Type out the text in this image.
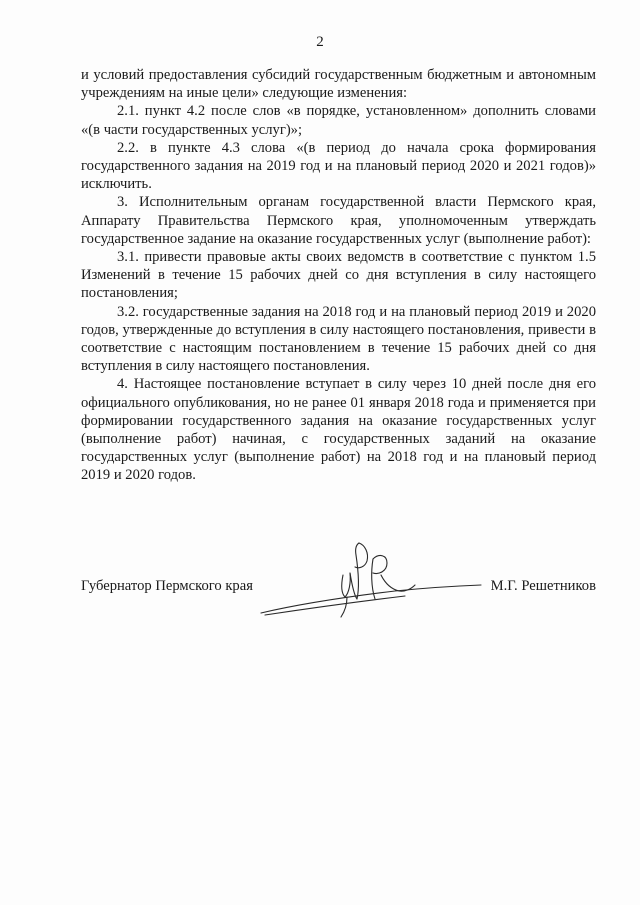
2

и условий предоставления субсидий государственным бюджетным и автономным учреждениям на иные цели» следующие изменения:

2.1. пункт 4.2 после слов «в порядке, установленном» дополнить словами «(в части государственных услуг)»;

2.2. в пункте 4.3 слова «(в период до начала срока формирования государственного задания на 2019 год и на плановый период 2020 и 2021 годов)» исключить.

3. Исполнительным органам государственной власти Пермского края, Аппарату Правительства Пермского края, уполномоченным утверждать государственное задание на оказание государственных услуг (выполнение работ):

3.1. привести правовые акты своих ведомств в соответствие с пунктом 1.5 Изменений в течение 15 рабочих дней со дня вступления в силу настоящего постановления;

3.2. государственные задания на 2018 год и на плановый период 2019 и 2020 годов, утвержденные до вступления в силу настоящего постановления, привести в соответствие с настоящим постановлением в течение 15 рабочих дней со дня вступления в силу настоящего постановления.

4. Настоящее постановление вступает в силу через 10 дней после дня его официального опубликования, но не ранее 01 января 2018 года и применяется при формировании государственного задания на оказание государственных услуг (выполнение работ) начиная, с государственных заданий на оказание государственных услуг (выполнение работ) на 2018 год и на плановый период 2019 и 2020 годов.

Губернатор Пермского края	М.Г. Решетников
